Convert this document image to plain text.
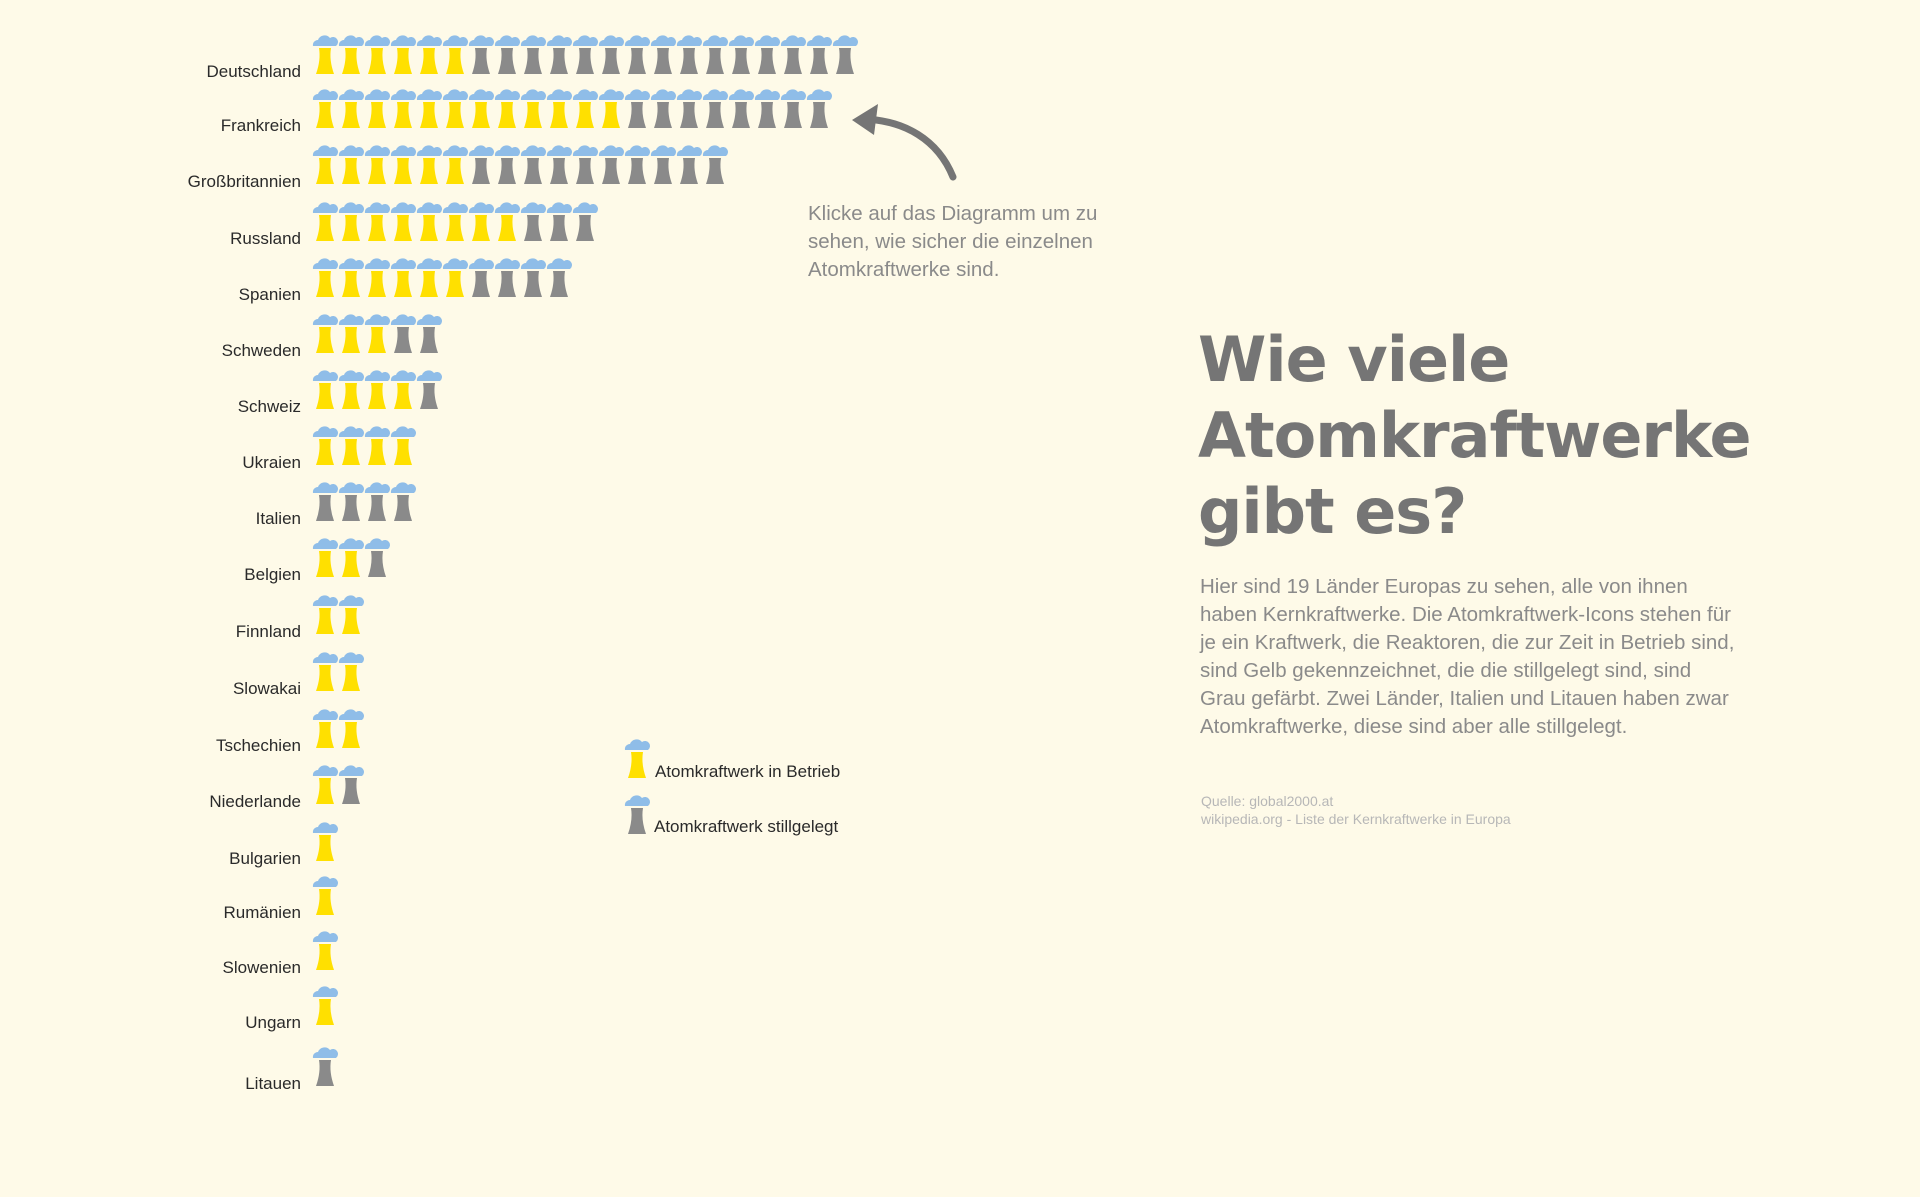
Deutschland
Frankreich
Großbritannien
Russland
Spanien
Schweden
Schweiz
Ukraien
Italien
Belgien
Finnland
Slowakai
Tschechien
Niederlande
Bulgarien
Rumänien
Slowenien
Ungarn
Litauen
Klicke auf das Diagramm um zu sehen, wie sicher die einzelnen Atomkraftwerke sind.
Atomkraftwerk in Betrieb
Atomkraftwerk stillgelegt
Wie viele Atomkraftwerke gibt es?
Hier sind 19 Länder Europas zu sehen, alle von ihnen haben Kernkraftwerke. Die Atomkraftwerk-Icons stehen für je ein Kraftwerk, die Reaktoren, die zur Zeit in Betrieb sind, sind Gelb gekennzeichnet, die die stillgelegt sind, sind Grau gefärbt. Zwei Länder, Italien und Litauen haben zwar Atomkraftwerke, diese sind aber alle stillgelegt.
Quelle: global2000.at
wikipedia.org - Liste der Kernkraftwerke in Europa
